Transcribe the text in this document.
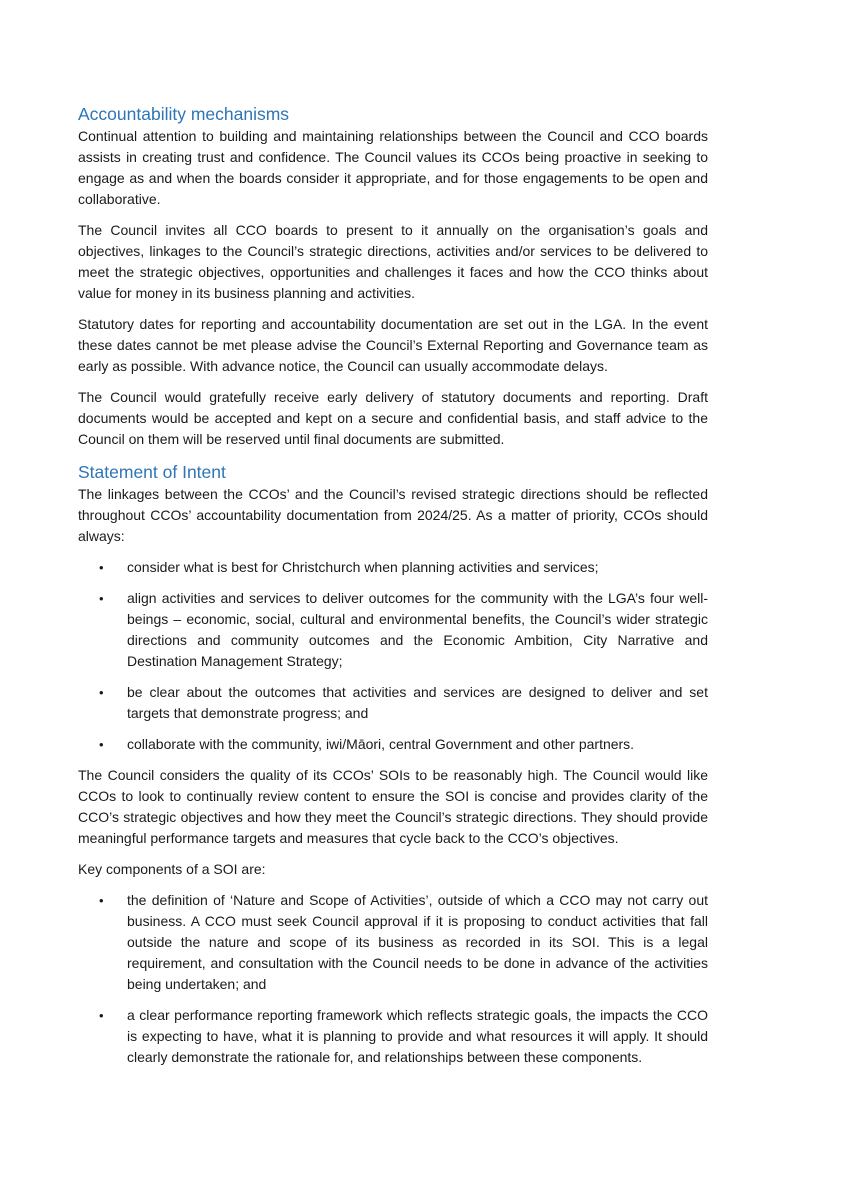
Accountability mechanisms

Continual attention to building and maintaining relationships between the Council and CCO boards assists in creating trust and confidence. The Council values its CCOs being proactive in seeking to engage as and when the boards consider it appropriate, and for those engagements to be open and collaborative.

The Council invites all CCO boards to present to it annually on the organisation’s goals and objectives, linkages to the Council’s strategic directions, activities and/or services to be delivered to meet the strategic objectives, opportunities and challenges it faces and how the CCO thinks about value for money in its business planning and activities.

Statutory dates for reporting and accountability documentation are set out in the LGA. In the event these dates cannot be met please advise the Council’s External Reporting and Governance team as early as possible. With advance notice, the Council can usually accommodate delays.

The Council would gratefully receive early delivery of statutory documents and reporting. Draft documents would be accepted and kept on a secure and confidential basis, and staff advice to the Council on them will be reserved until final documents are submitted.

Statement of Intent

The linkages between the CCOs’ and the Council’s revised strategic directions should be reflected throughout CCOs’ accountability documentation from 2024/25. As a matter of priority, CCOs should always:

• consider what is best for Christchurch when planning activities and services;
• align activities and services to deliver outcomes for the community with the LGA’s four well-beings – economic, social, cultural and environmental benefits, the Council’s wider strategic directions and community outcomes and the Economic Ambition, City Narrative and Destination Management Strategy;
• be clear about the outcomes that activities and services are designed to deliver and set targets that demonstrate progress; and
• collaborate with the community, iwi/Māori, central Government and other partners.

The Council considers the quality of its CCOs’ SOIs to be reasonably high. The Council would like CCOs to look to continually review content to ensure the SOI is concise and provides clarity of the CCO’s strategic objectives and how they meet the Council’s strategic directions. They should provide meaningful performance targets and measures that cycle back to the CCO’s objectives.

Key components of a SOI are:

• the definition of ‘Nature and Scope of Activities’, outside of which a CCO may not carry out business. A CCO must seek Council approval if it is proposing to conduct activities that fall outside the nature and scope of its business as recorded in its SOI. This is a legal requirement, and consultation with the Council needs to be done in advance of the activities being undertaken; and
• a clear performance reporting framework which reflects strategic goals, the impacts the CCO is expecting to have, what it is planning to provide and what resources it will apply. It should clearly demonstrate the rationale for, and relationships between these components.
